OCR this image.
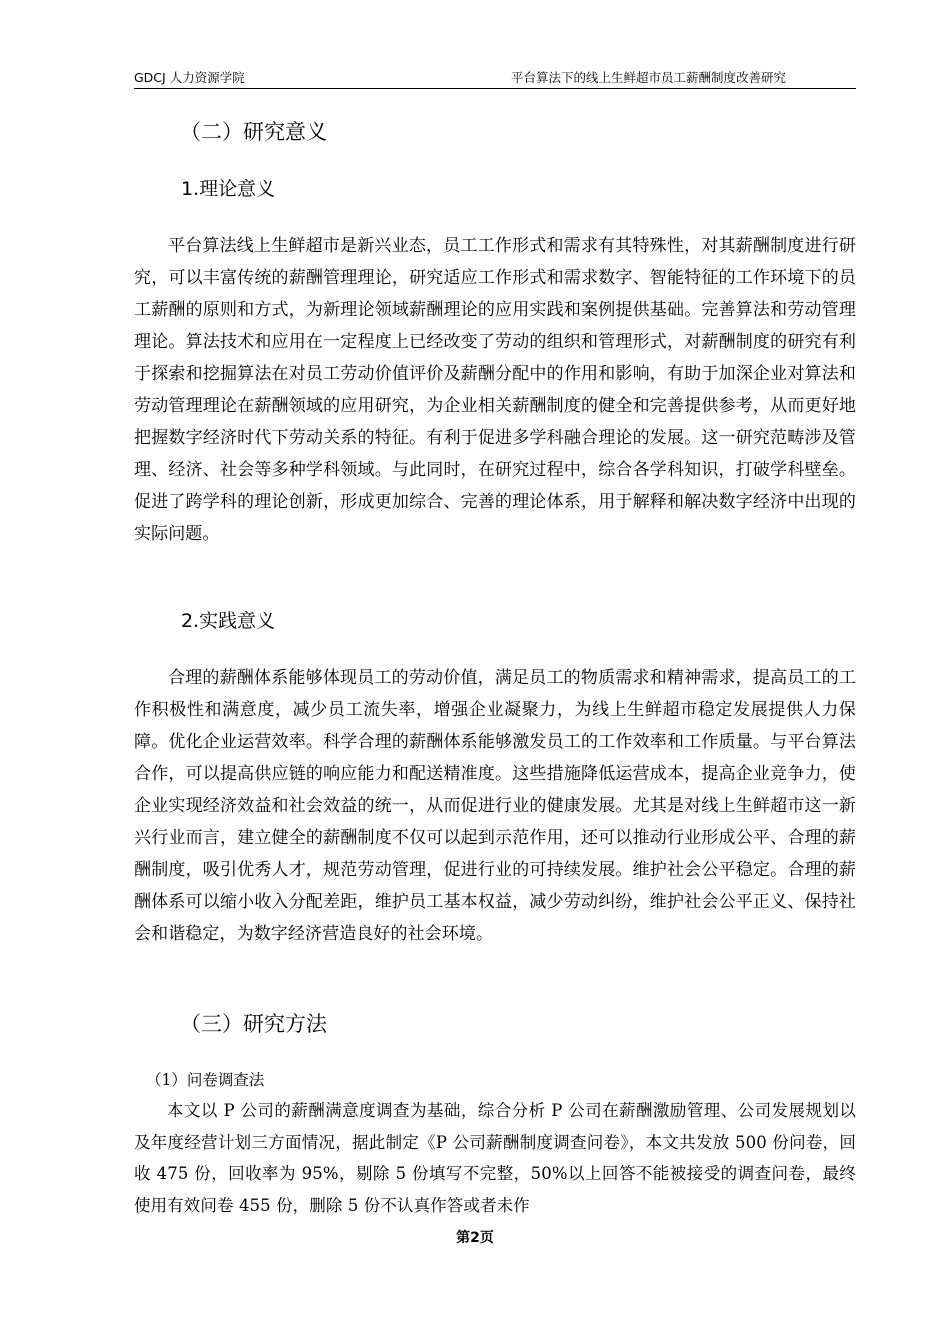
GDCJ 人力资源学院	平台算法下的线上生鲜超市员工薪酬制度改善研究
（二）研究意义
1.理论意义

平台算法线上生鲜超市是新兴业态，员工工作形式和需求有其特殊性，对其薪酬制度进行研究，可以丰富传统的薪酬管理理论，研究适应工作形式和需求数字、智能特征的工作环境下的员工薪酬的原则和方式，为新理论领域薪酬理论的应用实践和案例提供基础。完善算法和劳动管理理论。算法技术和应用在一定程度上已经改变了劳动的组织和管理形式，对薪酬制度的研究有利于探索和挖掘算法在对员工劳动价值评价及薪酬分配中的作用和影响，有助于加深企业对算法和劳动管理理论在薪酬领域的应用研究，为企业相关薪酬制度的健全和完善提供参考，从而更好地把握数字经济时代下劳动关系的特征。有利于促进多学科融合理论的发展。这一研究范畴涉及管理、经济、社会等多种学科领域。与此同时，在研究过程中，综合各学科知识，打破学科壁垒。促进了跨学科的理论创新，形成更加综合、完善的理论体系，用于解释和解决数字经济中出现的实际问题。

2.实践意义

合理的薪酬体系能够体现员工的劳动价值，满足员工的物质需求和精神需求，提高员工的工作积极性和满意度，减少员工流失率，增强企业凝聚力，为线上生鲜超市稳定发展提供人力保障。优化企业运营效率。科学合理的薪酬体系能够激发员工的工作效率和工作质量。与平台算法合作，可以提高供应链的响应能力和配送精准度。这些措施降低运营成本，提高企业竞争力，使企业实现经济效益和社会效益的统一，从而促进行业的健康发展。尤其是对线上生鲜超市这一新兴行业而言，建立健全的薪酬制度不仅可以起到示范作用，还可以推动行业形成公平、合理的薪酬制度，吸引优秀人才，规范劳动管理，促进行业的可持续发展。维护社会公平稳定。合理的薪酬体系可以缩小收入分配差距，维护员工基本权益，减少劳动纠纷，维护社会公平正义、保持社会和谐稳定，为数字经济营造良好的社会环境。

（三）研究方法

（1）问卷调查法

本文以 P 公司的薪酬满意度调查为基础，综合分析 P 公司在薪酬激励管理、公司发展规划以及年度经营计划三方面情况，据此制定《P 公司薪酬制度调查问卷》，本文共发放 500 份问卷，回收 475 份，回收率为 95%，剔除 5 份填写不完整，50%以上回答不能被接受的调查问卷，最终使用有效问卷 455 份，删除 5 份不认真作答或者未作

第2页
